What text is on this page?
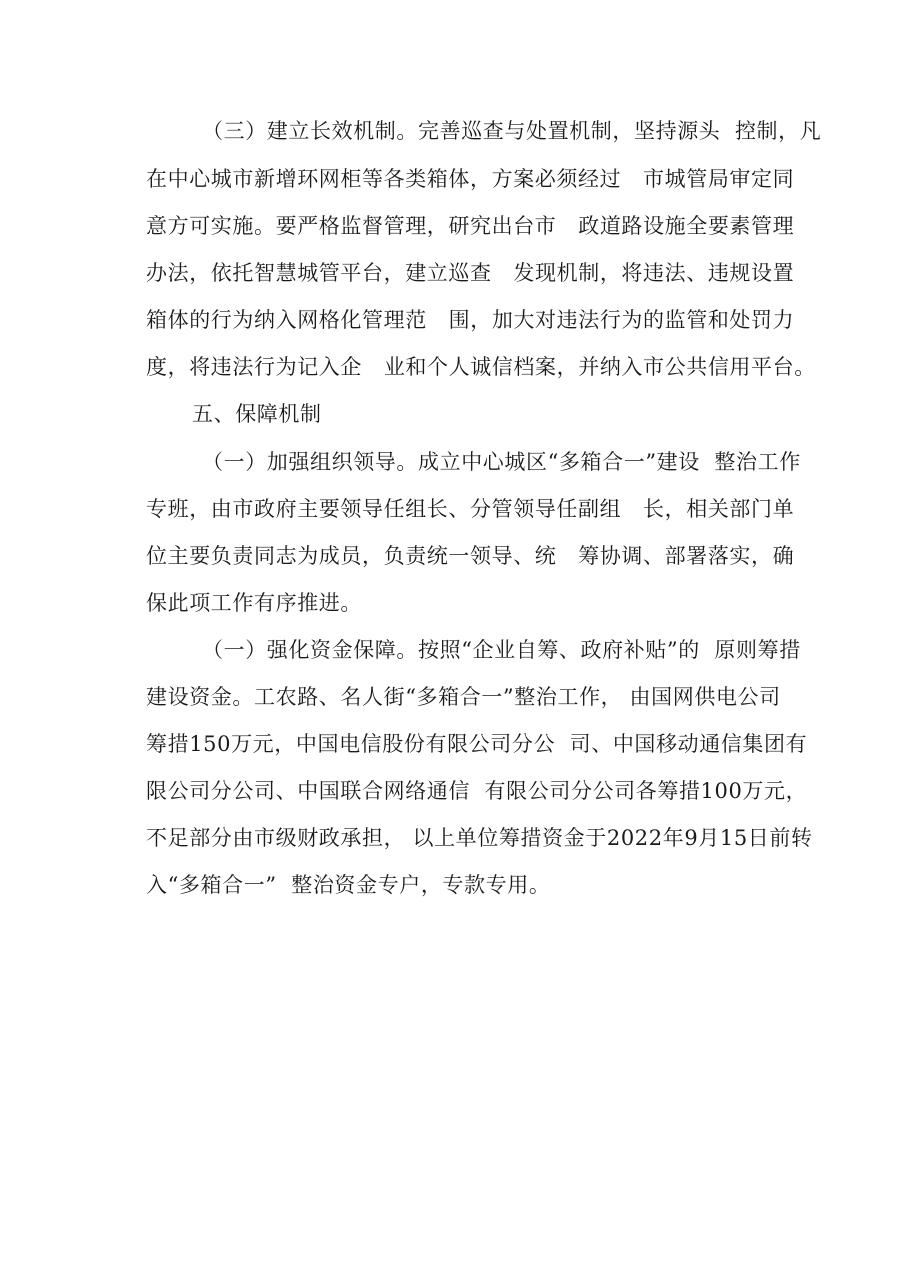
（三）建立长效机制。完善巡查与处置机制，坚持源头  控制，凡
在中心城市新增环网柜等各类箱体，方案必须经过   市城管局审定同
意方可实施。要严格监督管理，研究出台市   政道路设施全要素管理
办法，依托智慧城管平台，建立巡查   发现机制，将违法、违规设置
箱体的行为纳入网格化管理范   围，加大对违法行为的监管和处罚力
度，将违法行为记入企   业和个人诚信档案，并纳入市公共信用平台。
五、保障机制
（一）加强组织领导。成立中心城区“多箱合一”建设  整治工作
专班，由市政府主要领导任组长、分管领导任副组   长，相关部门单
位主要负责同志为成员，负责统一领导、统   筹协调、部署落实，确
保此项工作有序推进。
（一）强化资金保障。按照“企业自筹、政府补贴”的  原则筹措
建设资金。工农路、名人街“多箱合一”整治工作， 由国网供电公司
筹措150万元，中国电信股份有限公司分公  司、中国移动通信集团有
限公司分公司、中国联合网络通信  有限公司分公司各筹措100万元，
不足部分由市级财政承担， 以上单位筹措资金于2022年9月15日前转
入“多箱合一”  整治资金专户，专款专用。
